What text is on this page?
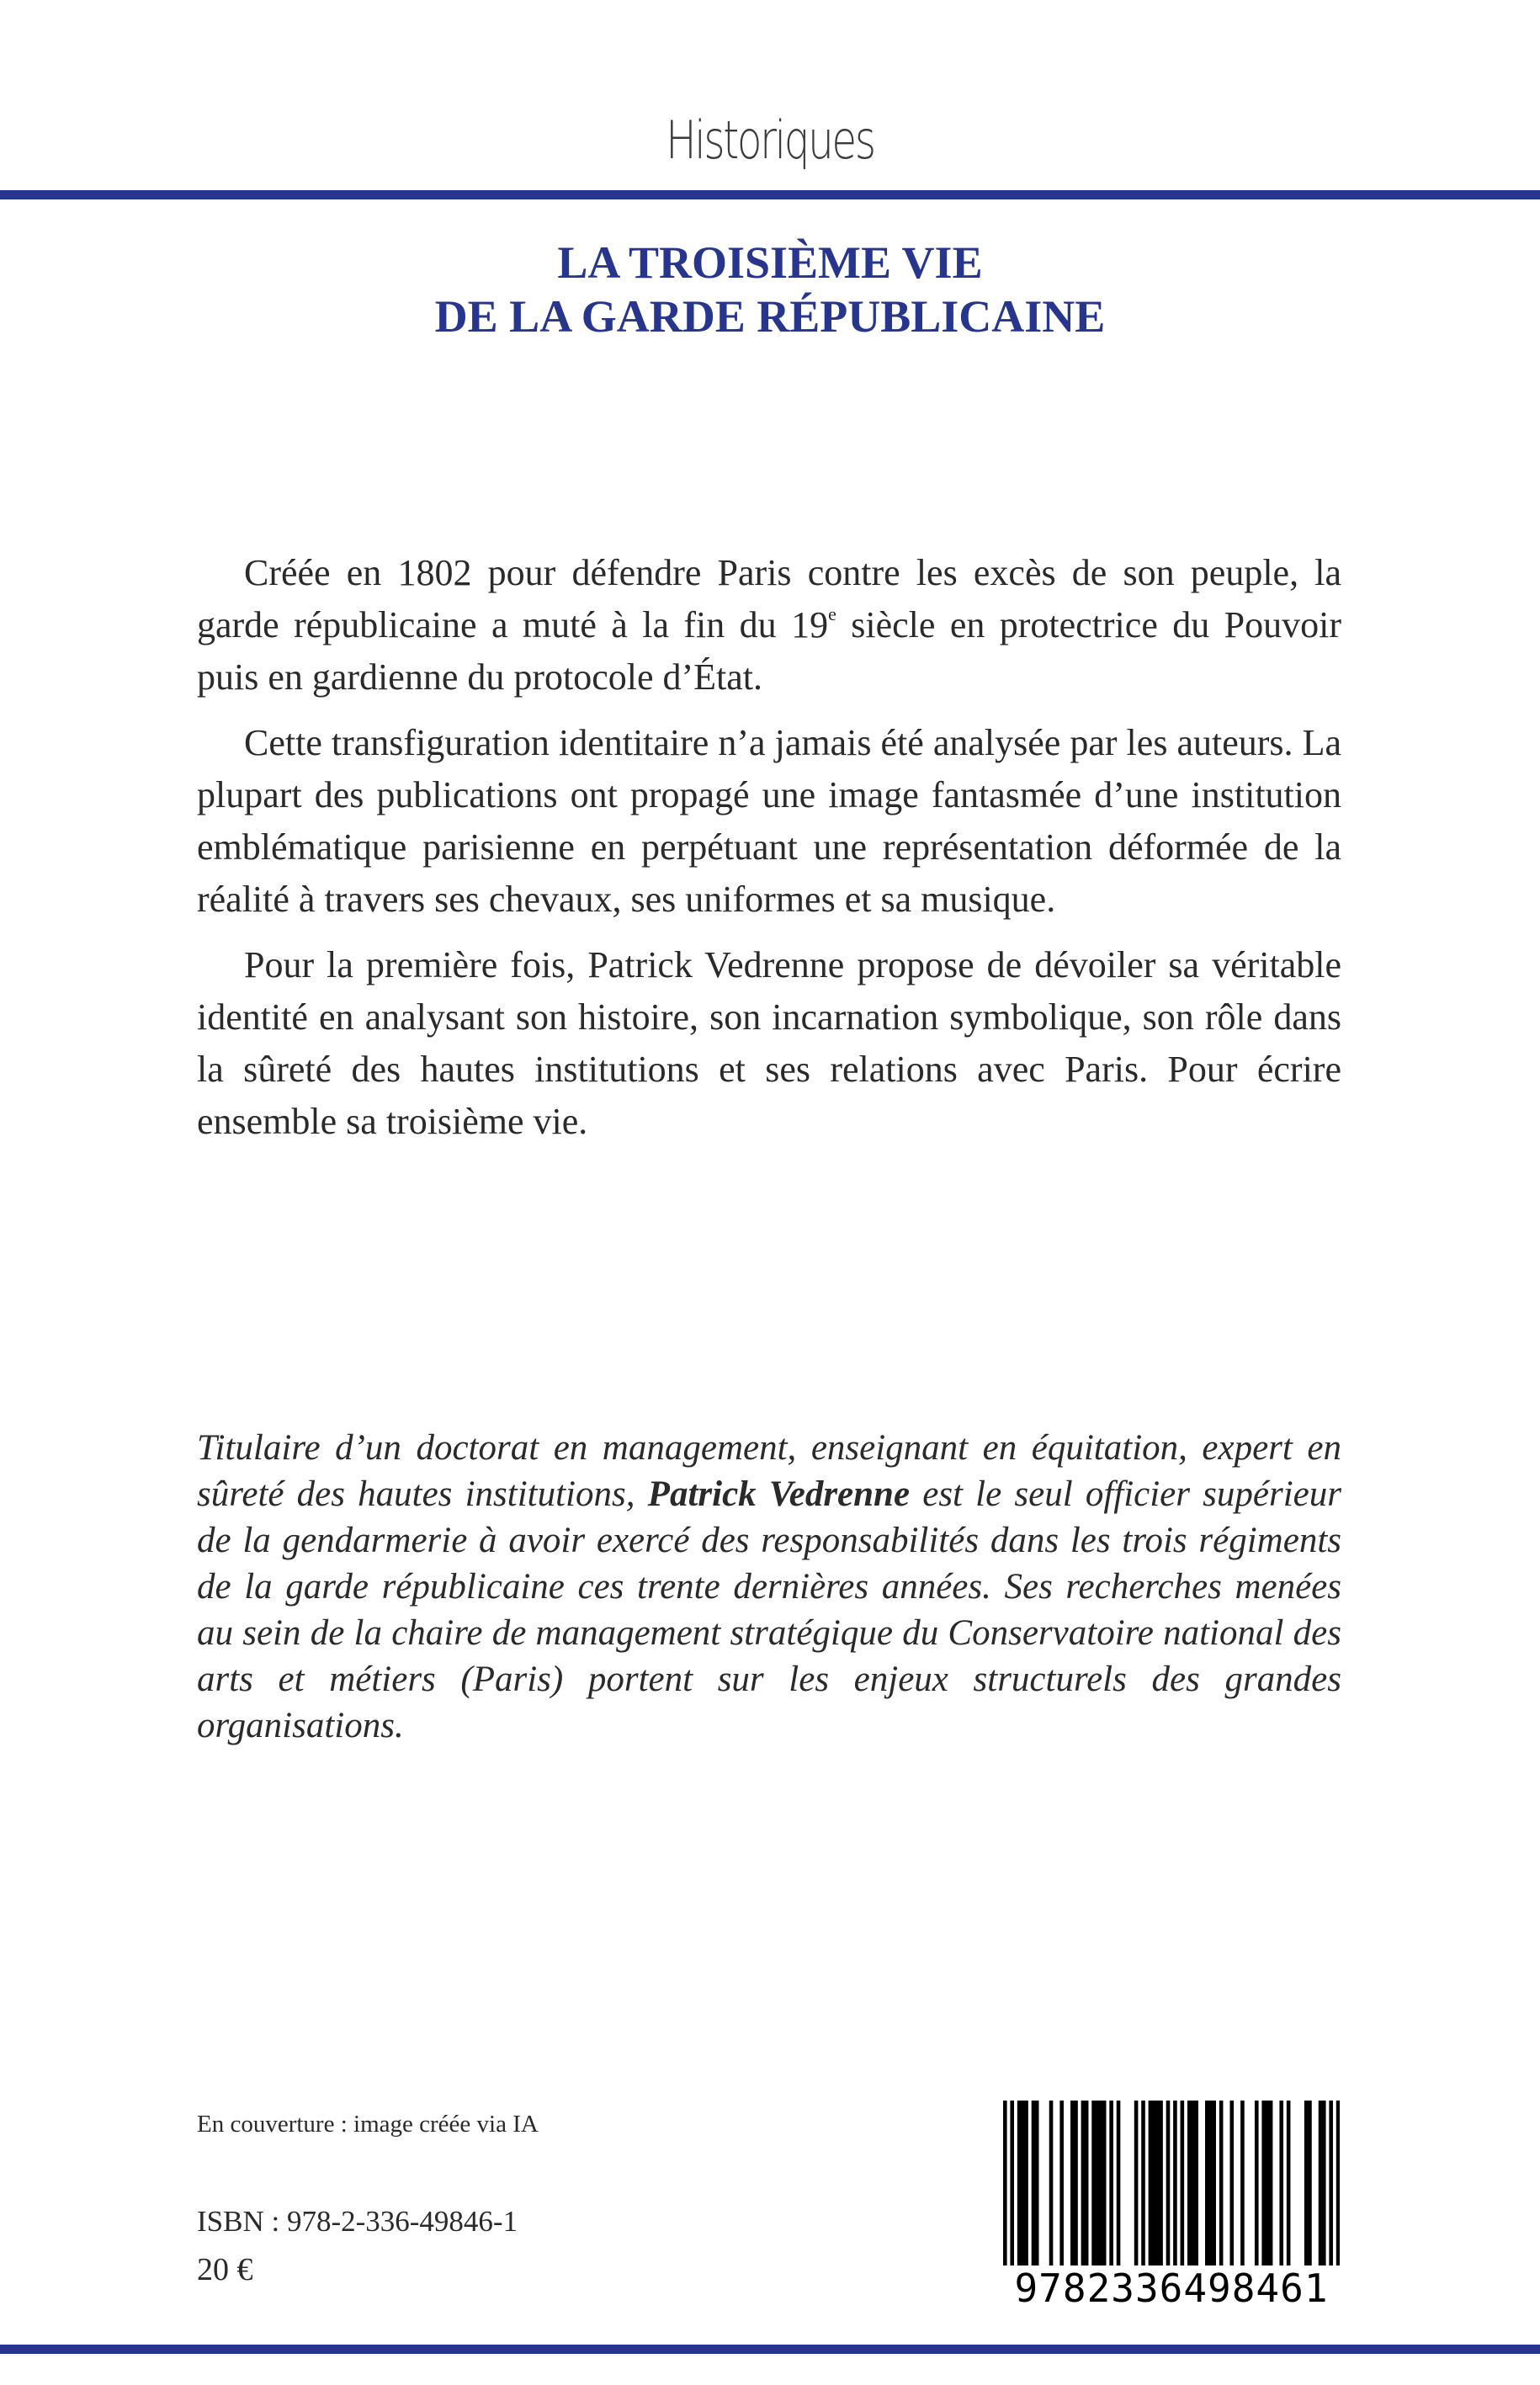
Historiques
LA TROISIÈME VIE
DE LA GARDE RÉPUBLICAINE

Créée en 1802 pour défendre Paris contre les excès de son peuple, la garde républicaine a muté à la fin du 19e siècle en protectrice du Pouvoir puis en gardienne du protocole d’État.

Cette transfiguration identitaire n’a jamais été analysée par les auteurs. La plupart des publications ont propagé une image fantasmée d’une institution emblématique parisienne en perpétuant une représentation déformée de la réalité à travers ses chevaux, ses uniformes et sa musique.

Pour la première fois, Patrick Vedrenne propose de dévoiler sa véritable identité en analysant son histoire, son incarnation symbolique, son rôle dans la sûreté des hautes institutions et ses relations avec Paris. Pour écrire ensemble sa troisième vie.

Titulaire d’un doctorat en management, enseignant en équitation, expert en sûreté des hautes institutions, Patrick Vedrenne est le seul officier supérieur de la gendarmerie à avoir exercé des responsabilités dans les trois régiments de la garde républicaine ces trente dernières années. Ses recherches menées au sein de la chaire de management stratégique du Conservatoire national des arts et métiers (Paris) portent sur les enjeux structurels des grandes organisations.
En couverture : image créée via IA
ISBN : 978-2-336-49846-1
20 €	9782336498461
